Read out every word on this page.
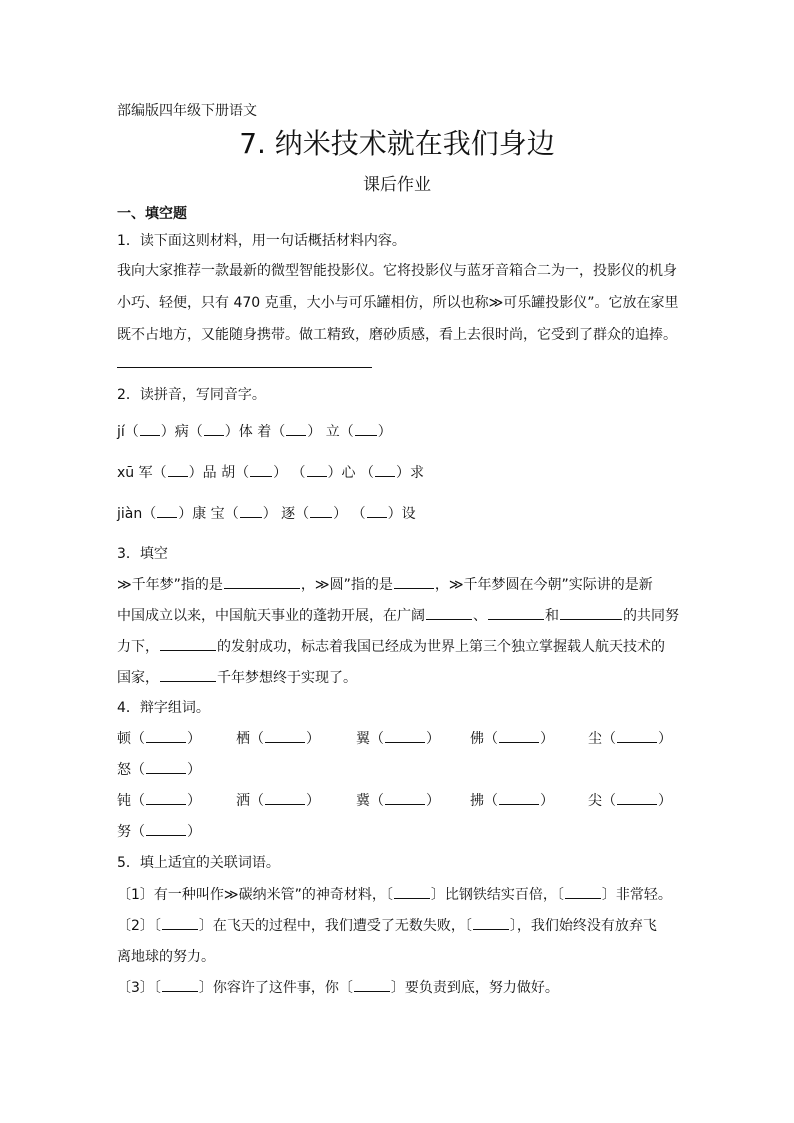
部编版四年级下册语文
7. 纳米技术就在我们身边
课后作业
一、填空题
1．读下面这则材料，用一句话概括材料内容。
我向大家推荐一款最新的微型智能投影仪。它将投影仪与蓝牙音箱合二为一，投影仪的机身
小巧、轻便，只有 470 克重，大小与可乐罐相仿，所以也称≫可乐罐投影仪”。它放在家里
既不占地方，又能随身携带。做工精致，磨砂质感，看上去很时尚，它受到了群众的追捧。
2．读拼音，写同音字。
jí（ ）病（ ）体 着（ ） 立（ ）
xū 军（ ）品 胡（ ） （ ）心 （ ）求
jiàn（ ）康 宝（ ） 逐（ ） （ ）设
3．填空
≫千年梦”指的是	，≫圆”指的是	，≫千年梦圆在今朝”实际讲的是新
中国成立以来，中国航天事业的蓬勃开展，在广阔	、	和	的共同努
力下，	的发射成功，标志着我国已经成为世界上第三个独立掌握载人航天技术的
国家，	千年梦想终于实现了。
4．辩字组词。
顿（	）	栖（	）	翼（	） 佛（	） 尘（	）
怒（	）
钝（	）	洒（	）	冀（	） 拂（	） 尖（	）
努（	）
5．填上适宜的关联词语。
〔1〕有一种叫作≫碳纳米管”的神奇材料，〔	〕比钢铁结实百倍，〔	〕非常轻。
〔2〕〔	〕在飞天的过程中，我们遭受了无数失败，〔	〕，我们始终没有放弃飞
离地球的努力。
〔3〕〔	〕你容许了这件事，你〔	〕要负责到底，努力做好。
